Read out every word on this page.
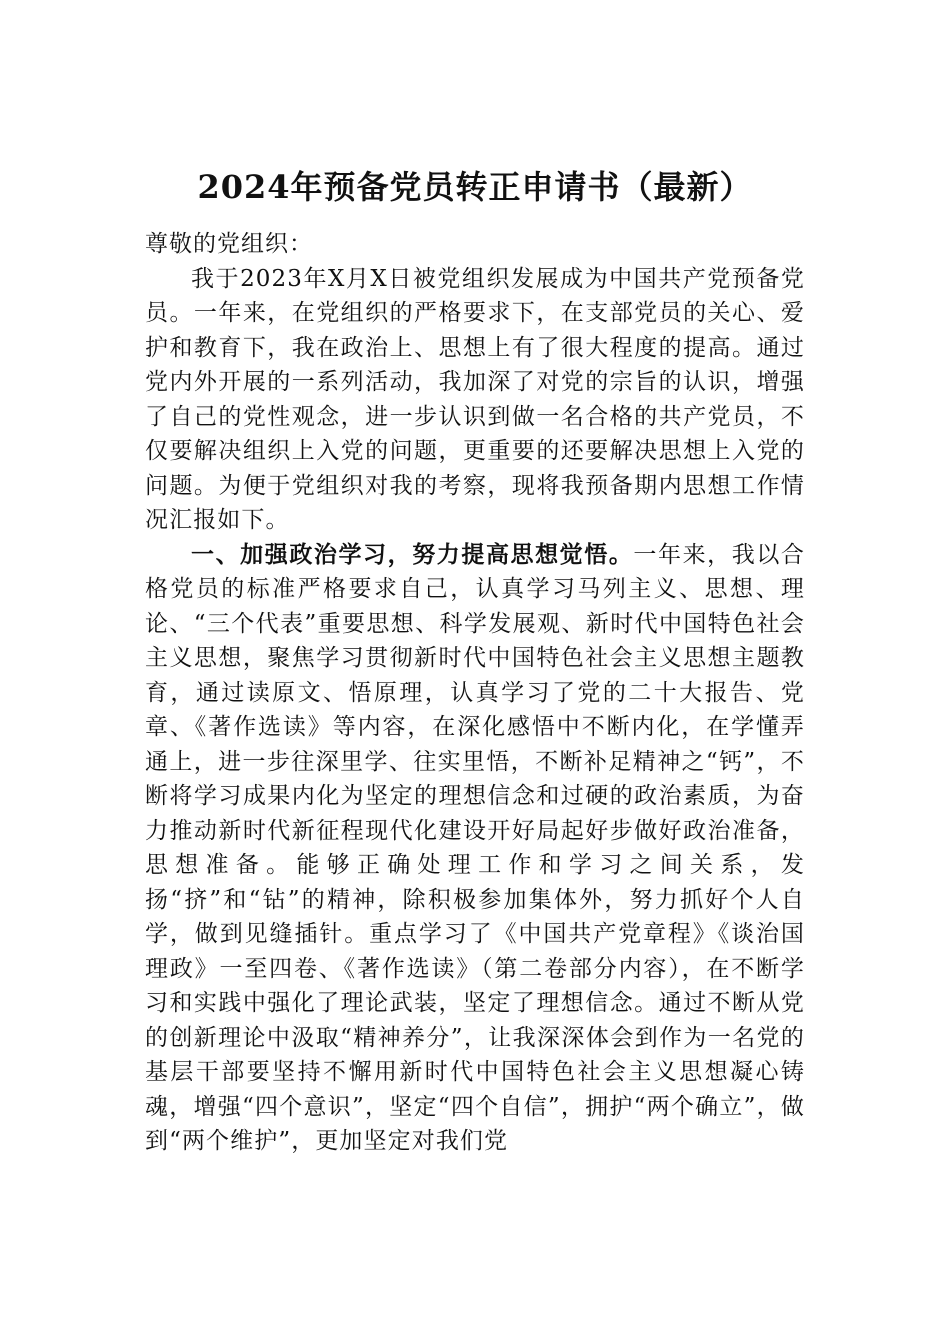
2024年预备党员转正申请书（最新）

尊敬的党组织：

我于2023年X月X日被党组织发展成为中国共产党预备党员。一年来，在党组织的严格要求下，在支部党员的关心、爱护和教育下，我在政治上、思想上有了很大程度的提高。通过党内外开展的一系列活动，我加深了对党的宗旨的认识，增强了自己的党性观念，进一步认识到做一名合格的共产党员，不仅要解决组织上入党的问题，更重要的还要解决思想上入党的问题。为便于党组织对我的考察，现将我预备期内思想工作情况汇报如下。

一、加强政治学习，努力提高思想觉悟。一年来，我以合格党员的标准严格要求自己，认真学习马列主义、思想、理论、“三个代表”重要思想、科学发展观、新时代中国特色社会主义思想，聚焦学习贯彻新时代中国特色社会主义思想主题教育，通过读原文、悟原理，认真学习了党的二十大报告、党章、《著作选读》等内容，在深化感悟中不断内化，在学懂弄通上，进一步往深里学、往实里悟，不断补足精神之“钙”，不断将学习成果内化为坚定的理想信念和过硬的政治素质，为奋力推动新时代新征程现代化建设开好局起好步做好政治准备，思想准备。能够正确处理工作和学习之间关系，发扬“挤”和“钻”的精神，除积极参加集体外，努力抓好个人自学，做到见缝插针。重点学习了《中国共产党章程》《谈治国理政》一至四卷、《著作选读》（第二卷部分内容），在不断学习和实践中强化了理论武装，坚定了理想信念。通过不断从党的创新理论中汲取“精神养分”，让我深深体会到作为一名党的基层干部要坚持不懈用新时代中国特色社会主义思想凝心铸魂，增强“四个意识”，坚定“四个自信”，拥护“两个确立”，做到“两个维护”，更加坚定对我们党
